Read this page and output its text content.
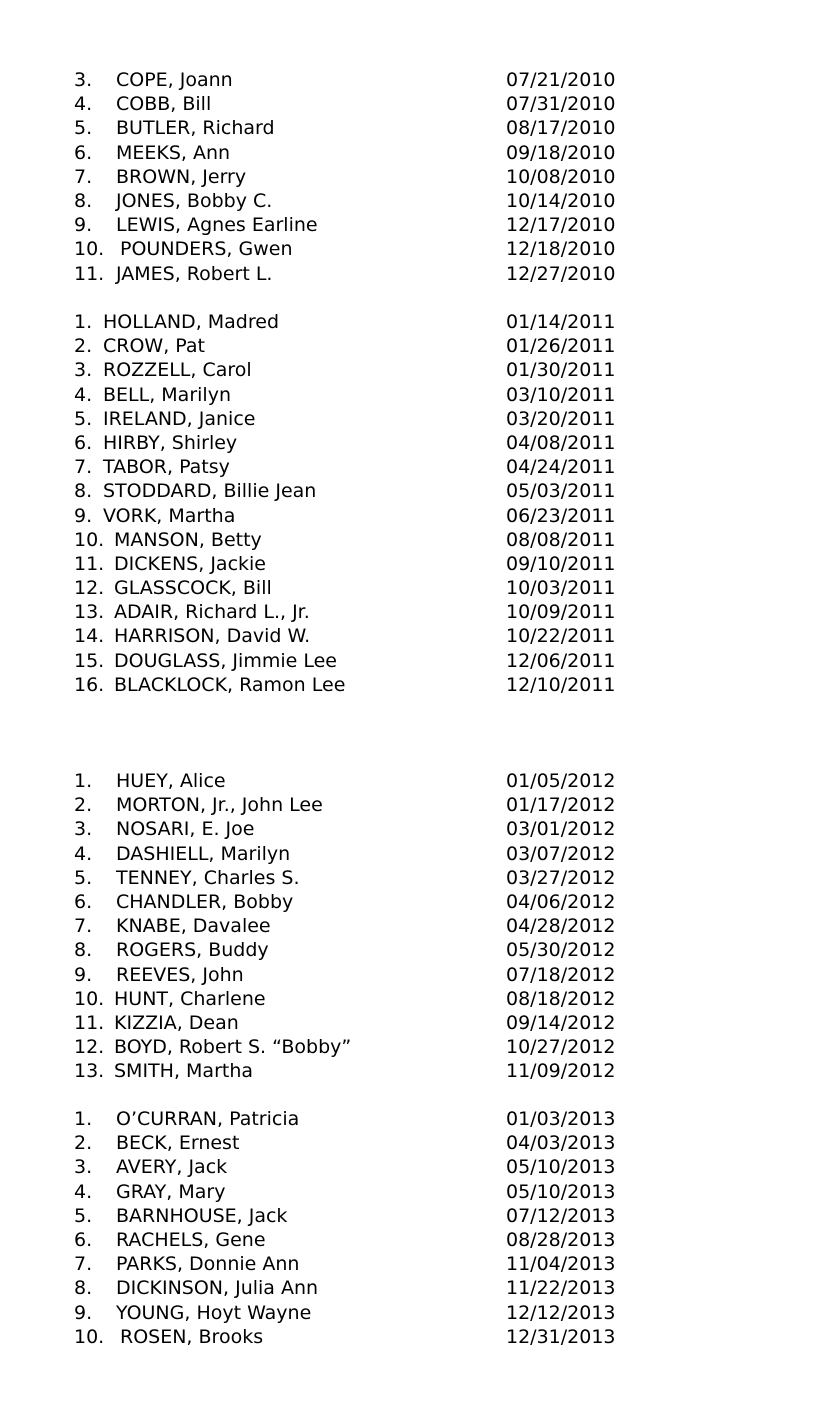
3. COPE, Joann	07/21/2010
4. COBB, Bill	07/31/2010
5. BUTLER, Richard	08/17/2010
6. MEEKS, Ann	09/18/2010
7. BROWN, Jerry	10/08/2010
8. JONES, Bobby C.	10/14/2010
9. LEWIS, Agnes Earline	12/17/2010
10. POUNDERS, Gwen	12/18/2010
11. JAMES, Robert L.	12/27/2010
1. HOLLAND, Madred	01/14/2011
2. CROW, Pat	01/26/2011
3. ROZZELL, Carol	01/30/2011
4. BELL, Marilyn	03/10/2011
5. IRELAND, Janice	03/20/2011
6. HIRBY, Shirley	04/08/2011
7. TABOR, Patsy	04/24/2011
8. STODDARD, Billie Jean	05/03/2011
9. VORK, Martha	06/23/2011
10. MANSON, Betty	08/08/2011
11. DICKENS, Jackie	09/10/2011
12. GLASSCOCK, Bill	10/03/2011
13. ADAIR, Richard L., Jr.	10/09/2011
14. HARRISON, David W.	10/22/2011
15. DOUGLASS, Jimmie Lee	12/06/2011
16. BLACKLOCK, Ramon Lee	12/10/2011
1. HUEY, Alice	01/05/2012
2. MORTON, Jr., John Lee	01/17/2012
3. NOSARI, E. Joe	03/01/2012
4. DASHIELL, Marilyn	03/07/2012
5. TENNEY, Charles S.	03/27/2012
6. CHANDLER, Bobby	04/06/2012
7. KNABE, Davalee	04/28/2012
8. ROGERS, Buddy	05/30/2012
9. REEVES, John	07/18/2012
10. HUNT, Charlene	08/18/2012
11. KIZZIA, Dean	09/14/2012
12. BOYD, Robert S. “Bobby”	10/27/2012
13. SMITH, Martha	11/09/2012
1. O’CURRAN, Patricia	01/03/2013
2. BECK, Ernest	04/03/2013
3. AVERY, Jack	05/10/2013
4. GRAY, Mary	05/10/2013
5. BARNHOUSE, Jack	07/12/2013
6. RACHELS, Gene	08/28/2013
7. PARKS, Donnie Ann	11/04/2013
8. DICKINSON, Julia Ann	11/22/2013
9. YOUNG, Hoyt Wayne	12/12/2013
10. ROSEN, Brooks	12/31/2013
